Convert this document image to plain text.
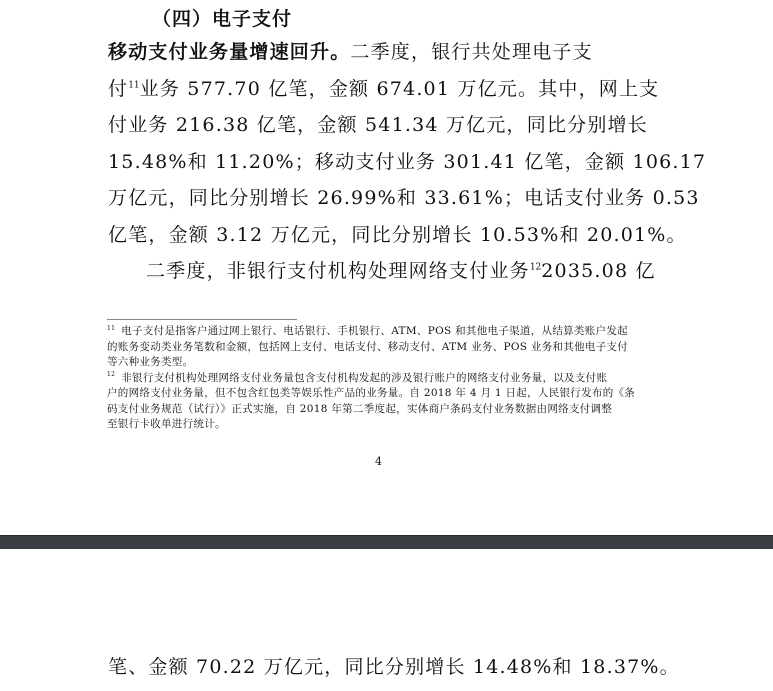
（四）电子支付
移动支付业务量增速回升。二季度，银行共处理电子支
付$^{11}$业务 577.70 亿笔，金额 674.01 万亿元。其中，网上支
付业务 216.38 亿笔，金额 541.34 万亿元，同比分别增长
15.48%和 11.20%；移动支付业务 301.41 亿笔，金额 106.17
万亿元，同比分别增长 26.99%和 33.61%；电话支付业务 0.53
亿笔，金额 3.12 万亿元，同比分别增长 10.53%和 20.01%。
二季度，非银行支付机构处理网络支付业务$^{12}$2035.08 亿
$^{11}$ 电子支付是指客户通过网上银行、电话银行、手机银行、ATM、POS 和其他电子渠道，从结算类账户发起
的账务变动类业务笔数和金额，包括网上支付、电话支付、移动支付、ATM 业务、POS 业务和其他电子支付
等六种业务类型。
$^{12}$ 非银行支付机构处理网络支付业务量包含支付机构发起的涉及银行账户的网络支付业务量，以及支付账
户的网络支付业务量，但不包含红包类等娱乐性产品的业务量。自 2018 年 4 月 1 日起，人民银行发布的《条
码支付业务规范（试行）》正式实施，自 2018 年第二季度起，实体商户条码支付业务数据由网络支付调整
至银行卡收单进行统计。
4
笔、金额 70.22 万亿元，同比分别增长 14.48%和 18.37%。
